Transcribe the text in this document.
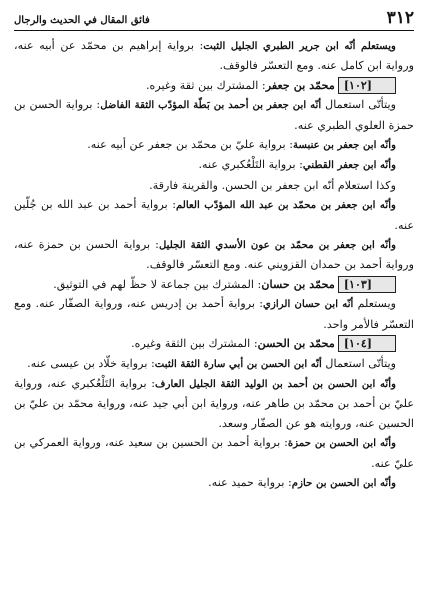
٣١٢
فائق المقال في الحديث والرجال

ويستعلم أنّه ابن جرير الطبري الجليل الثبت: برواية إبراهيم بن محمّد عن أبيه عنه، ورواية ابن كامل عنه. ومع التعسّر فالوقف.

[١٠٢]محمّد بن جعفر: المشترك بين ثقة وغيره.

ويتأتّى استعمال أنّه ابن جعفر بن أحمد بن بَطّة المؤدّب الثقة الفاضل: برواية الحسن بن حمزة العلوي الطبري عنه.

وأنّه ابن جعفر بن عنبسة: برواية عليّ بن محمّد بن جعفر عن أبيه عنه.

وأنّه ابن جعفر القطني: برواية التَلْعُكبري عنه.

وكذا استعلام أنّه ابن جعفر بن الحسن. والقرينة فارقة.

وأنّه ابن جعفر بن محمّد بن عبد الله المؤدّب العالم: برواية أحمد بن عبد الله بن جُلّين عنه.

وأنّه ابن جعفر بن محمّد بن عون الأسدي الثقة الجليل: برواية الحسن بن حمزة عنه، ورواية أحمد بن حمدان القزويني عنه. ومع التعسّر فالوقف.

[١٠٣]محمّد بن حسان: المشترك بين جماعة لا حظّ لهم في التوثيق.

ويستعلم أنّه ابن حسان الرازي: برواية أحمد بن إدريس عنه، ورواية الصفّار عنه. ومع التعسّر فالأمر واحد.

[١٠٤]محمّد بن الحسن: المشترك بين الثقة وغيره.

ويتأتّى استعمال أنّه ابن الحسن بن أبي سارة الثقة الثبت: برواية خلّاد بن عيسى عنه.

وأنّه ابن الحسن بن أحمد بن الوليد الثقة الجليل العارف: برواية التَلْعُكبري عنه، ورواية عليّ بن أحمد بن محمّد بن طاهر عنه، ورواية ابن أبي جيد عنه، ورواية محمّد بن عليّ بن الحسين عنه، وروايته هو عن الصفّار وسعد.

وأنّه ابن الحسن بن حمزة: برواية أحمد بن الحسين بن سعيد عنه، ورواية العمركي بن عليّ عنه.

وأنّه ابن الحسن بن حازم: برواية حميد عنه.
